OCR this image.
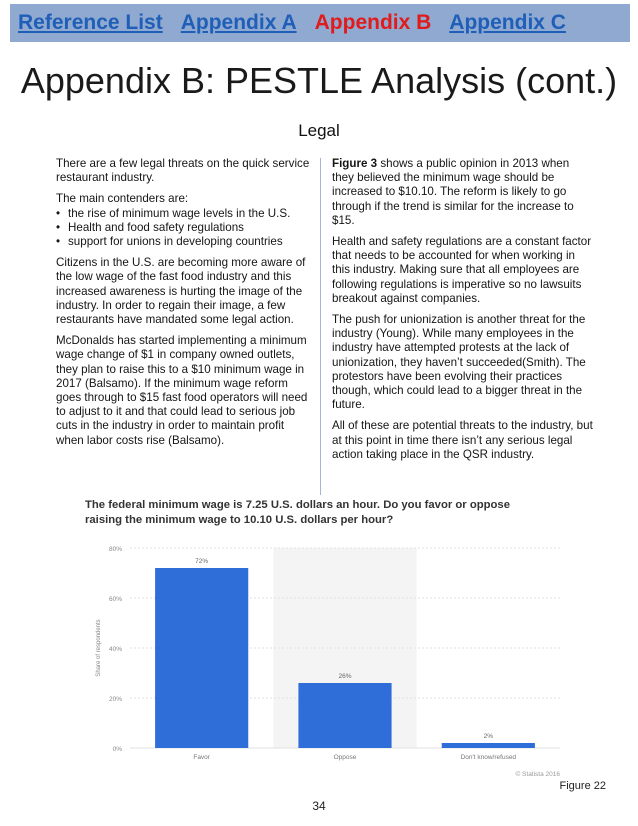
Reference List Appendix A Appendix B Appendix C
Appendix B: PESTLE Analysis (cont.)
Legal

There are a few legal threats on the quick service restaurant industry.

The main contenders are:

• the rise of minimum wage levels in the U.S.
• Health and food safety regulations
• support for unions in developing countries

Citizens in the U.S. are becoming more aware of the low wage of the fast food industry and this increased awareness is hurting the image of the industry. In order to regain their image, a few restaurants have mandated some legal action.

McDonalds has started implementing a minimum wage change of $1 in company owned outlets, they plan to raise this to a $10 minimum wage in 2017 (Balsamo). If the minimum wage reform goes through to $15 fast food operators will need to adjust to it and that could lead to serious job cuts in the industry in order to maintain profit when labor costs rise (Balsamo).

Figure 3 shows a public opinion in 2013 when they believed the minimum wage should be increased to $10.10. The reform is likely to go through if the trend is similar for the increase to $15.

Health and safety regulations are a constant factor that needs to be accounted for when working in this industry. Making sure that all employees are following regulations is imperative so no lawsuits breakout against companies.

The push for unionization is another threat for the industry (Young). While many employees in the industry have attempted protests at the lack of unionization, they haven’t succeeded(Smith). The protestors have been evolving their practices though, which could lead to a bigger threat in the future.

All of these are potential threats to the industry, but at this point in time there isn’t any serious legal action taking place in the QSR industry.

The federal minimum wage is 7.25 U.S. dollars an hour. Do you favor or oppose raising the minimum wage to 10.10 U.S. dollars per hour?
0%
20%
40%
60%
80%
Share of respondents
72%
Favor
26%
Oppose
2%
Don't know/refused
© Statista 2016
Figure 22
34
